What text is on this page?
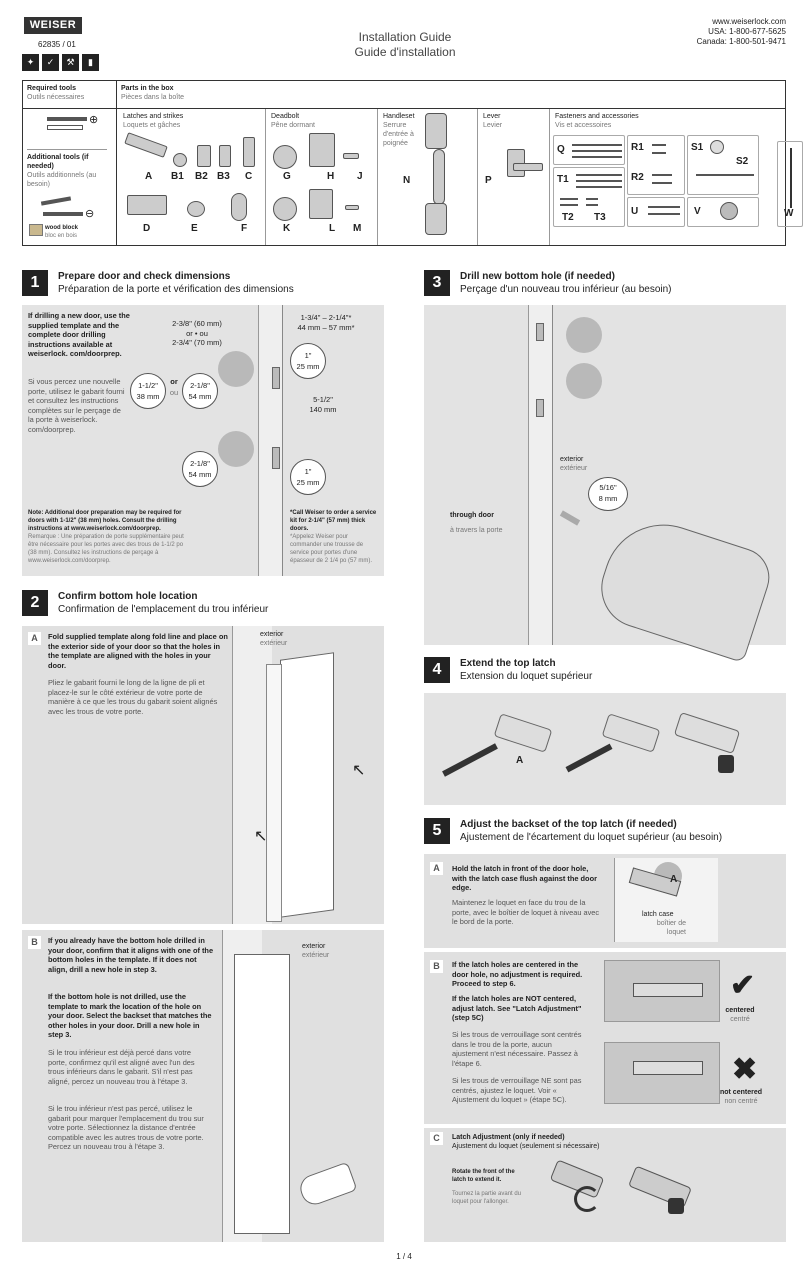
WEISER
62835 / 01
✦	✓	⚒	▮
Installation Guide
Guide d'installation
www.weiserlock.com
USA: 1-800-677-5625
Canada: 1-800-501-9471
Required tools
Outils nécessaires
Parts in the box
Pièces dans la boîte
⊕
Additional tools (if needed)
Outils additionnels (au besoin)
⊖
wood block
bloc en bois
Latches and strikes
Loquets et gâches
A B1 B2 B3 C
D	E	F
Deadbolt
Pêne dormant
G	H J
K	L M
Handleset
Serrure d'entrée à poignée
N
Lever
Levier
P
Fasteners and accessories
Vis et accessoires
Q	R1
R2
S1
S2
T1
T2 T3
U	V	W
1	Prepare door and check dimensions
Préparation de la porte et vérification des dimensions
If drilling a new door, use the supplied template and the complete door drilling instructions available at weiserlock. com/doorprep.
Si vous percez une nouvelle porte, utilisez le gabarit fourni et consultez les instructions complètes sur le perçage de la porte à weiserlock. com/doorprep.
2-3/8" (60 mm)
or • ou
2-3/4" (70 mm)
1-3/4" – 2-1/4"*
44 mm – 57 mm*
1-1/2"
38 mm
or
ou
2-1/8"
54 mm
1"
25 mm
5-1/2"
140 mm
2-1/8"
54 mm	1"
25 mm
Note: Additional door preparation may be required for doors with 1-1/2" (38 mm) holes. Consult the drilling instructions at www.weiserlock.com/doorprep.
Remarque : Une préparation de porte supplémentaire peut être nécessaire pour les portes avec des trous de 1-1/2 po (38 mm). Consultez les instructions de perçage à www.weiserlock.com/doorprep.
*Call Weiser to order a service kit for 2-1/4" (57 mm) thick doors.
*Appelez Weiser pour commander une trousse de service pour portes d'une épasseur de 2 1/4 po (57 mm).
2	Confirm bottom hole location
Confirmation de l'emplacement du trou inférieur
A	Fold supplied template along fold line and place on the exterior side of your door so that the holes in the template are aligned with the holes in your door.
Pliez le gabarit fourni le long de la ligne de pli et placez-le sur le côté extérieur de votre porte de manière à ce que les trous du gabarit soient alignés avec les trous de votre porte.
exterior
extérieur
↖
↖
B	If you already have the bottom hole drilled in your door, confirm that it aligns with one of the bottom holes in the template. If it does not align, drill a new hole in step 3.
If the bottom hole is not drilled, use the template to mark the location of the hole on your door. Select the backset that matches the other holes in your door. Drill a new hole in step 3.
Si le trou inférieur est déjà percé dans votre porte, confirmez qu'il est aligné avec l'un des trous inférieurs dans le gabarit. S'il n'est pas aligné, percez un nouveau trou à l'étape 3.
Si le trou inférieur n'est pas percé, utilisez le gabarit pour marquer l'emplacement du trou sur votre porte. Sélectionnez la distance d'entrée compatible avec les autres trous de votre porte. Percez un nouveau trou à l'étape 3.
exterior
extérieur
3	Drill new bottom hole (if needed)
Perçage d'un nouveau trou inférieur (au besoin)
exterior
extérieur
5/16"
8 mm
through door
à travers la porte
4	Extend the top latch
Extension du loquet supérieur
A
5	Adjust the backset of the top latch (if needed)
Ajustement de l'écartement du loquet supérieur (au besoin)
A	Hold the latch in front of the door hole, with the latch case flush against the door edge.
Maintenez le loquet en face du trou de la porte, avec le boîtier de loquet à niveau avec le bord de la porte.
A
latch case
boîtier de loquet
B	If the latch holes are centered in the door hole, no adjustment is required. Proceed to step 6.
If the latch holes are NOT centered, adjust latch. See "Latch Adjustment" (step 5C)
Si les trous de verrouillage sont centrés dans le trou de la porte, aucun ajustement n'est nécessaire. Passez à l'étape 6.
Si les trous de verrouillage NE sont pas centrés, ajustez le loquet. Voir « Ajustement du loquet » (étape 5C).
✔
centered
centré
✖
not centered
non centré
C	Latch Adjustment (only if needed)
Ajustement du loquet (seulement si nécessaire)
Rotate the front of the latch to extend it.
Tournez la partie avant du loquet pour l'allonger.
1 / 4
